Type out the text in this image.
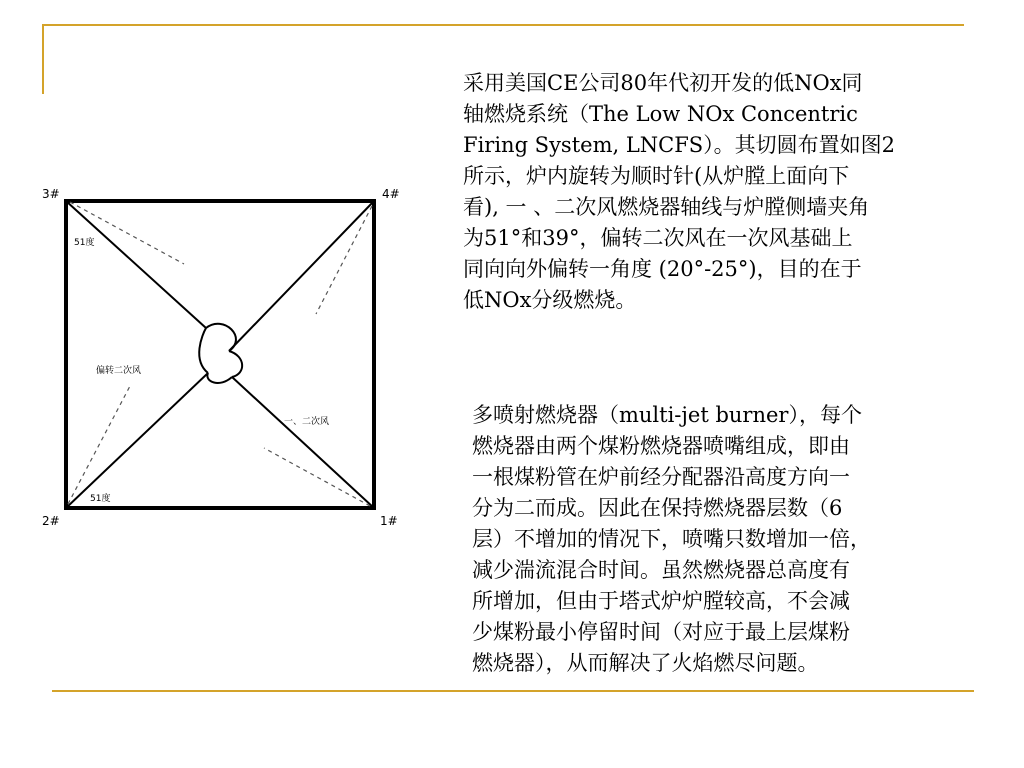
3#	4#
2#	1#
51度
51度
偏转二次风
一、二次风
采用美国CE公司80年代初开发的低NOx同
轴燃烧系统（The Low NOx Concentric
Firing System, LNCFS）。其切圆布置如图2
所示，炉内旋转为顺时针(从炉膛上面向下
看), 一 、二次风燃烧器轴线与炉膛侧墙夹角
为51°和39°，偏转二次风在一次风基础上
同向向外偏转一角度 (20°-25°)，目的在于
低NOx分级燃烧。
多喷射燃烧器（multi-jet burner），每个
燃烧器由两个煤粉燃烧器喷嘴组成，即由
一根煤粉管在炉前经分配器沿高度方向一
分为二而成。因此在保持燃烧器层数（6
层）不增加的情况下，喷嘴只数增加一倍，
减少湍流混合时间。虽然燃烧器总高度有
所增加，但由于塔式炉炉膛较高，不会减
少煤粉最小停留时间（对应于最上层煤粉
燃烧器），从而解决了火焰燃尽问题。
